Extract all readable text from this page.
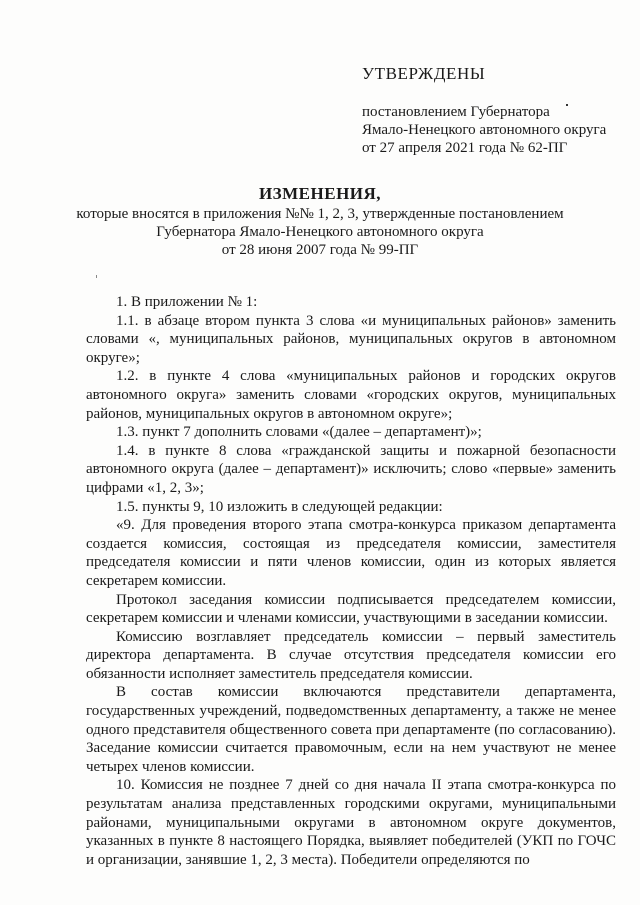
УТВЕРЖДЕНЫ
постановлением Губернатора
Ямало-Ненецкого автономного округа
от 27 апреля 2021 года № 62-ПГ
ИЗМЕНЕНИЯ,
которые вносятся в приложения №№ 1, 2, 3, утвержденные постановлением
Губернатора Ямало-Ненецкого автономного округа
от 28 июня 2007 года № 99-ПГ

1. В приложении № 1:

1.1. в абзаце втором пункта 3 слова «и муниципальных районов» заменить словами «, муниципальных районов, муниципальных округов в автономном округе»;

1.2. в пункте 4 слова «муниципальных районов и городских округов автономного округа» заменить словами «городских округов, муниципальных районов, муниципальных округов в автономном округе»;

1.3. пункт 7 дополнить словами «(далее – департамент)»;

1.4. в пункте 8 слова «гражданской защиты и пожарной безопасности автономного округа (далее – департамент)» исключить; слово «первые» заменить цифрами «1, 2, 3»;

1.5. пункты 9, 10 изложить в следующей редакции:

«9. Для проведения второго этапа смотра-конкурса приказом департамента создается комиссия, состоящая из председателя комиссии, заместителя председателя комиссии и пяти членов комиссии, один из которых является секретарем комиссии.

Протокол заседания комиссии подписывается председателем комиссии, секретарем комиссии и членами комиссии, участвующими в заседании комиссии.

Комиссию возглавляет председатель комиссии – первый заместитель директора департамента. В случае отсутствия председателя комиссии его обязанности исполняет заместитель председателя комиссии.

В состав комиссии включаются представители департамента, государственных учреждений, подведомственных департаменту, а также не менее одного представителя общественного совета при департаменте (по согласованию). Заседание комиссии считается правомочным, если на нем участвуют не менее четырех членов комиссии.

10. Комиссия не позднее 7 дней со дня начала II этапа смотра-конкурса по результатам анализа представленных городскими округами, муниципальными районами, муниципальными округами в автономном округе документов, указанных в пункте 8 настоящего Порядка, выявляет победителей (УКП по ГОЧС и организации, занявшие 1, 2, 3 места). Победители определяются по
